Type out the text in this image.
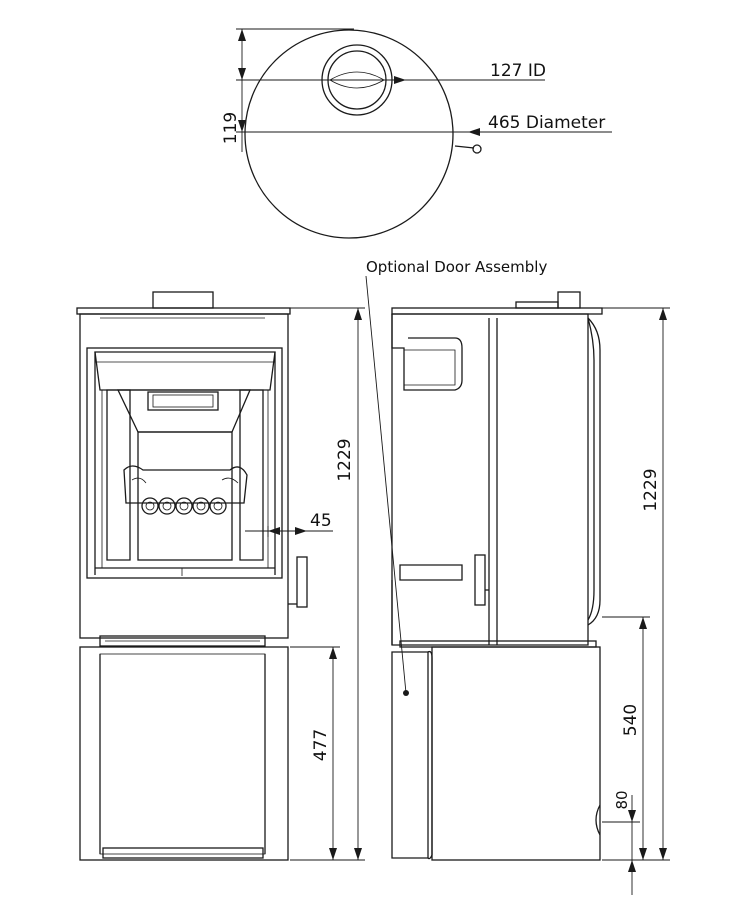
127 ID
465 Diameter
119
45
1229
477
Optional Door Assembly
1229
540
80
